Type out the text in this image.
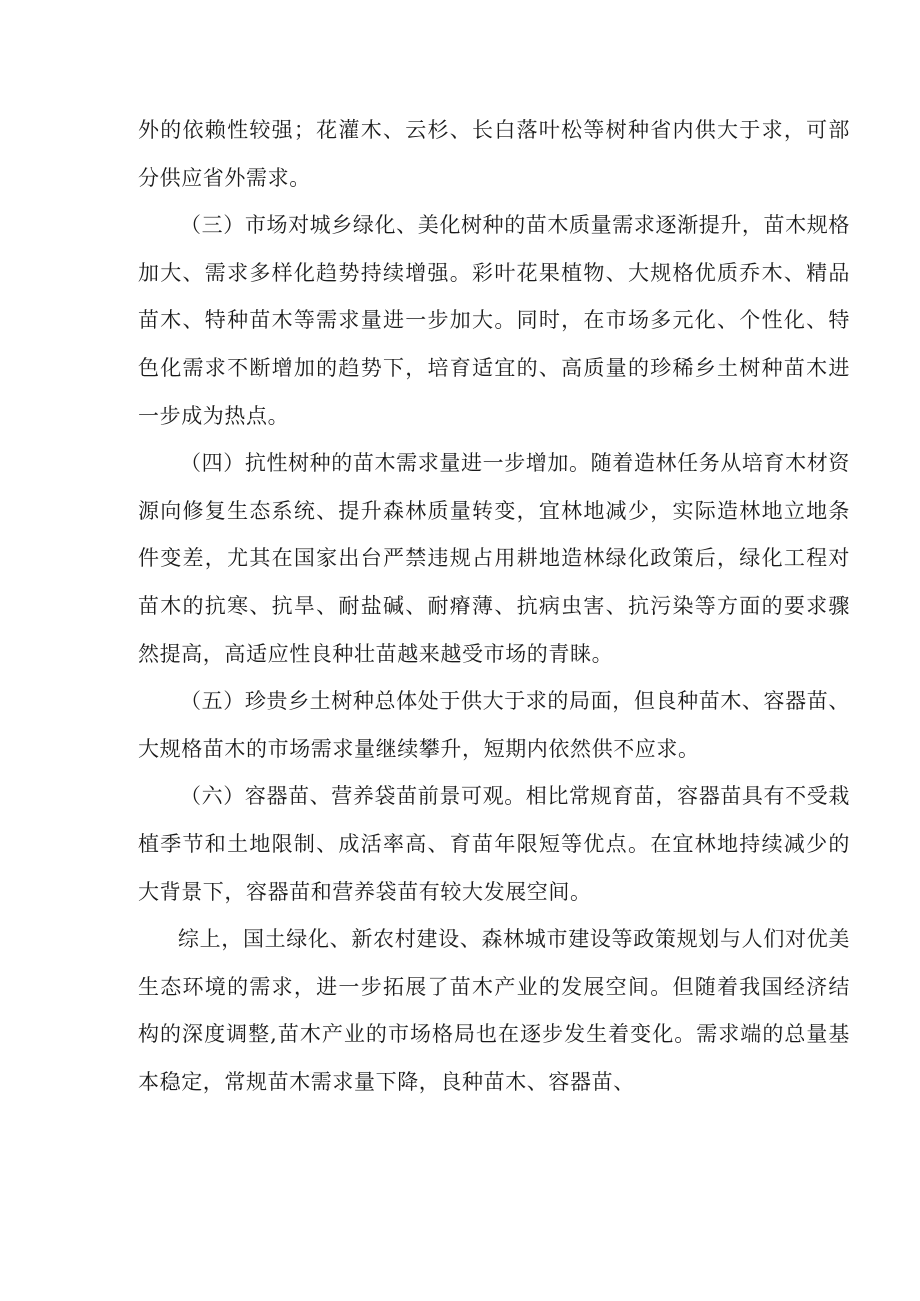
外的依赖性较强；花灌木、云杉、长白落叶松等树种省内供大于求，可部分供应省外需求。

（三）市场对城乡绿化、美化树种的苗木质量需求逐渐提升，苗木规格加大、需求多样化趋势持续增强。彩叶花果植物、大规格优质乔木、精品苗木、特种苗木等需求量进一步加大。同时，在市场多元化、个性化、特色化需求不断增加的趋势下，培育适宜的、高质量的珍稀乡土树种苗木进一步成为热点。

（四）抗性树种的苗木需求量进一步增加。随着造林任务从培育木材资源向修复生态系统、提升森林质量转变，宜林地减少，实际造林地立地条件变差，尤其在国家出台严禁违规占用耕地造林绿化政策后，绿化工程对苗木的抗寒、抗旱、耐盐碱、耐瘠薄、抗病虫害、抗污染等方面的要求骤然提高，高适应性良种壮苗越来越受市场的青睐。

（五）珍贵乡土树种总体处于供大于求的局面，但良种苗木、容器苗、大规格苗木的市场需求量继续攀升，短期内依然供不应求。

（六）容器苗、营养袋苗前景可观。相比常规育苗，容器苗具有不受栽植季节和土地限制、成活率高、育苗年限短等优点。在宜林地持续减少的大背景下，容器苗和营养袋苗有较大发展空间。

综上，国土绿化、新农村建设、森林城市建设等政策规划与人们对优美生态环境的需求，进一步拓展了苗木产业的发展空间。但随着我国经济结构的深度调整,苗木产业的市场格局也在逐步发生着变化。需求端的总量基本稳定，常规苗木需求量下降，良种苗木、容器苗、
